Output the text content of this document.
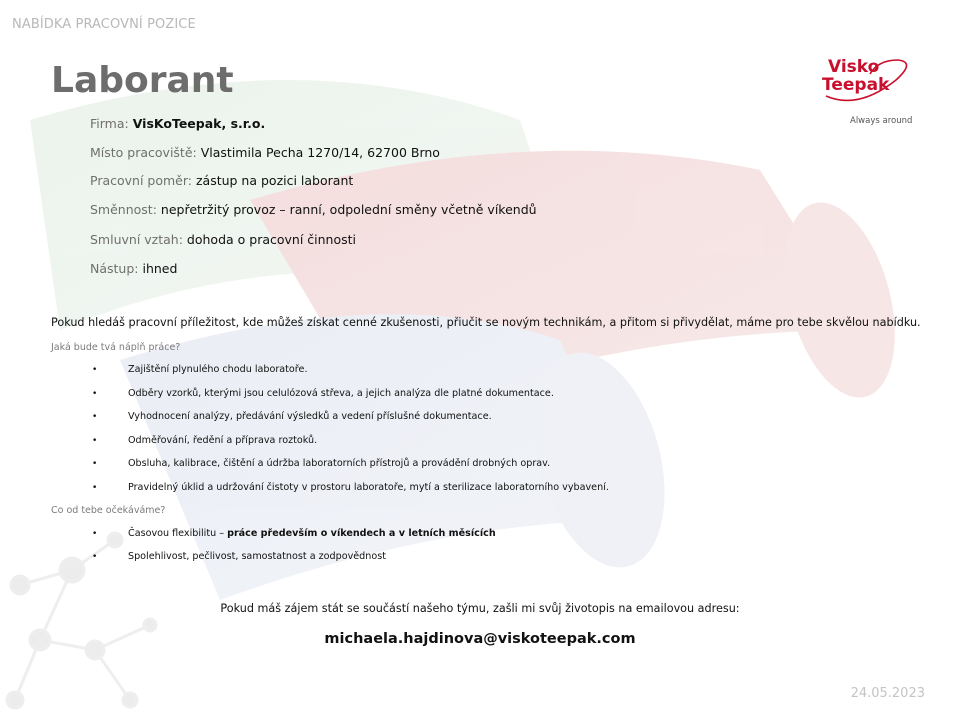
NABÍDKA PRACOVNÍ POZICE
Laborant	Visko
Teepak
Always around
Firma: VisKoTeepak, s.r.o.
Místo pracoviště: Vlastimila Pecha 1270/14, 62700 Brno
Pracovní poměr: zástup na pozici laborant
Směnnost: nepřetržitý provoz – ranní, odpolední směny včetně víkendů
Smluvní vztah: dohoda o pracovní činnosti
Nástup: ihned
Pokud hledáš pracovní příležitost, kde můžeš získat cenné zkušenosti, přiučit se novým technikám, a přitom si přivydělat, máme pro tebe skvělou nabídku.
Jaká bude tvá náplň práce?
•	Zajištění plynulého chodu laboratoře.
•	Odběry vzorků, kterými jsou celulózová střeva, a jejich analýza dle platné dokumentace.
•	Vyhodnocení analýzy, předávání výsledků a vedení příslušné dokumentace.
•	Odměřování, ředění a příprava roztoků.
•	Obsluha, kalibrace, čištění a údržba laboratorních přístrojů a provádění drobných oprav.
•	Pravidelný úklid a udržování čistoty v prostoru laboratoře, mytí a sterilizace laboratorního vybavení.
Co od tebe očekáváme?
•	Časovou flexibilitu – práce především o víkendech a v letních měsících
•	Spolehlivost, pečlivost, samostatnost a zodpovědnost
Pokud máš zájem stát se součástí našeho týmu, zašli mi svůj životopis na emailovou adresu:
michaela.hajdinova@viskoteepak.com
24.05.2023
